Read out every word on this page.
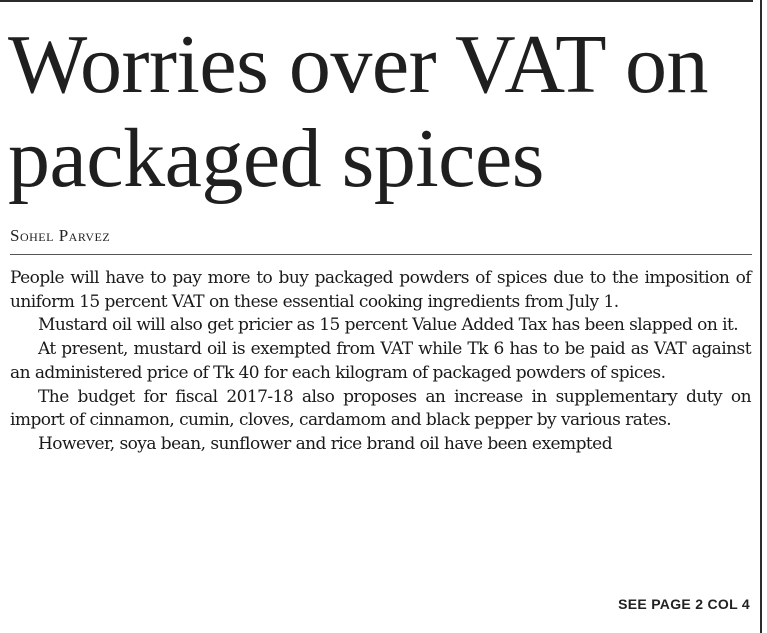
Worries over VAT on packaged spices
Sohel Parvez

People will have to pay more to buy packaged powders of spices due to the imposition of uniform 15 percent VAT on these essential cooking ingredients from July 1.

Mustard oil will also get pricier as 15 percent Value Added Tax has been slapped on it.

At present, mustard oil is exempted from VAT while Tk 6 has to be paid as VAT against an administered price of Tk 40 for each kilogram of packaged powders of spices.

The budget for fiscal 2017-18 also proposes an increase in supplementary duty on import of cinnamon, cumin, cloves, cardamom and black pepper by various rates.

However, soya bean, sunflower and rice brand oil have been exempted

SEE PAGE 2 COL 4
